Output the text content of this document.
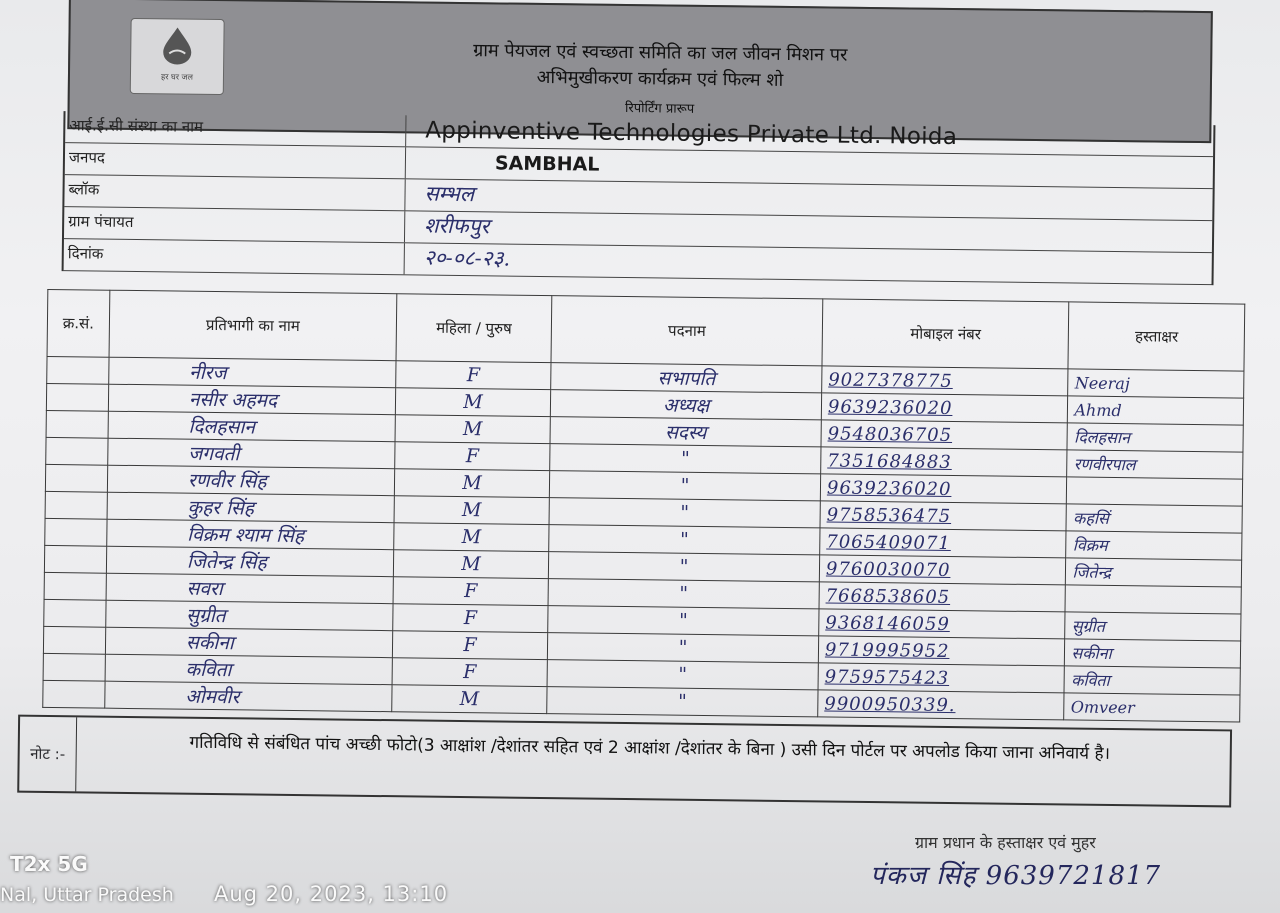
हर घर जल
ग्राम पेयजल एवं स्वच्छता समिति का जल जीवन मिशन पर
अभिमुखीकरण कार्यक्रम एवं फिल्म शो
रिपोर्टिंग प्रारूप
आई.ई.सी संस्था का नाम	Appinventive Technologies Private Ltd. Noida
जनपद	SAMBHAL
ब्लॉक	सम्भल
ग्राम पंचायत	शरीफपुर
दिनांक	२०-०८-२३.
क्र.सं.	प्रतिभागी का नाम	महिला / पुरुष	पदनाम	मोबाइल नंबर	हस्ताक्षर
	नीरज	F	सभापति	9027378775	Neeraj
	नसीर अहमद	M	अध्यक्ष	9639236020	Ahmd
	दिलहसान	M	सदस्य	9548036705	दिलहसान
	जगवती	F	"	7351684883	रणवीरपाल
	रणवीर सिंह	M	"	9639236020	
	कुहर सिंह	M	"	9758536475	कहसिं
	विक्रम श्याम सिंह	M	"	7065409071	विक्रम
	जितेन्द्र सिंह	M	"	9760030070	जितेन्द्र
	सवरा	F	"	7668538605	
	सुग्रीत	F	"	9368146059	सुग्रीत
	सकीना	F	"	9719995952	सकीना
	कविता	F	"	9759575423	कविता
	ओमवीर	M	"	9900950339.	Omveer
नोट :-	गतिविधि से संबंधित पांच अच्छी फोटो(3 आक्षांश /देशांतर सहित एवं 2 आक्षांश /देशांतर के बिना ) उसी दिन पोर्टल पर अपलोड किया जाना अनिवार्य है।
ग्राम प्रधान के हस्ताक्षर एवं मुहर
पंकज सिंह 9639721817
T2x 5G
Nal, Uttar Pradesh Aug 20, 2023, 13:10
